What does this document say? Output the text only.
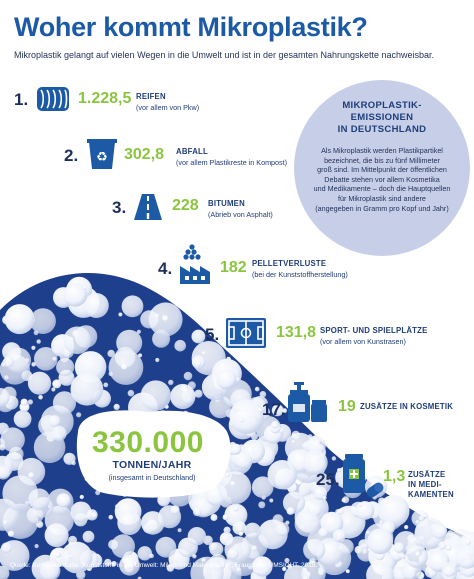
Woher kommt Mikroplastik?
Mikroplastik gelangt auf vielen Wegen in die Umwelt und ist in der gesamten Nahrungskette nachweisbar.
MIKROPLASTIK-
EMISSIONEN
IN DEUTSCHLAND
Als Mikroplastik werden Plastikpartikel
bezeichnet, die bis zu fünf Millimeter
groß sind. Im Mittelpunkt der öffentlichen
Debatte stehen vor allem Kosmetika
und Medikamente – doch die Hauptquellen
für Mikroplastik sind andere
(angegeben in Gramm pro Kopf und Jahr)
1.	1.228,5 REIFEN
(vor allem von Pkw)
2. ♻ 302,8 ABFALL
(vor allem Plastikreste in Kompost)
3.	228 BITUMEN
(Abrieb von Asphalt)
4.	182 PELLETVERLUSTE
(bei der Kunststoffherstellung)
5.	131,8 SPORT- UND SPIELPLÄTZE
(vor allem von Kunstrasen)
17.	19 ZUSÄTZE IN KOSMETIK
25.	1,3 ZUSÄTZE
IN MEDI-
KAMENTEN
330.000
TONNEN/JAHR
(insgesamt in Deutschland)
Quelle: Konsortialstudie „Kunststoffe in der Umwelt: Mikro- und Makroplastik“, Fraunhofer UMSICHT, 2018.
